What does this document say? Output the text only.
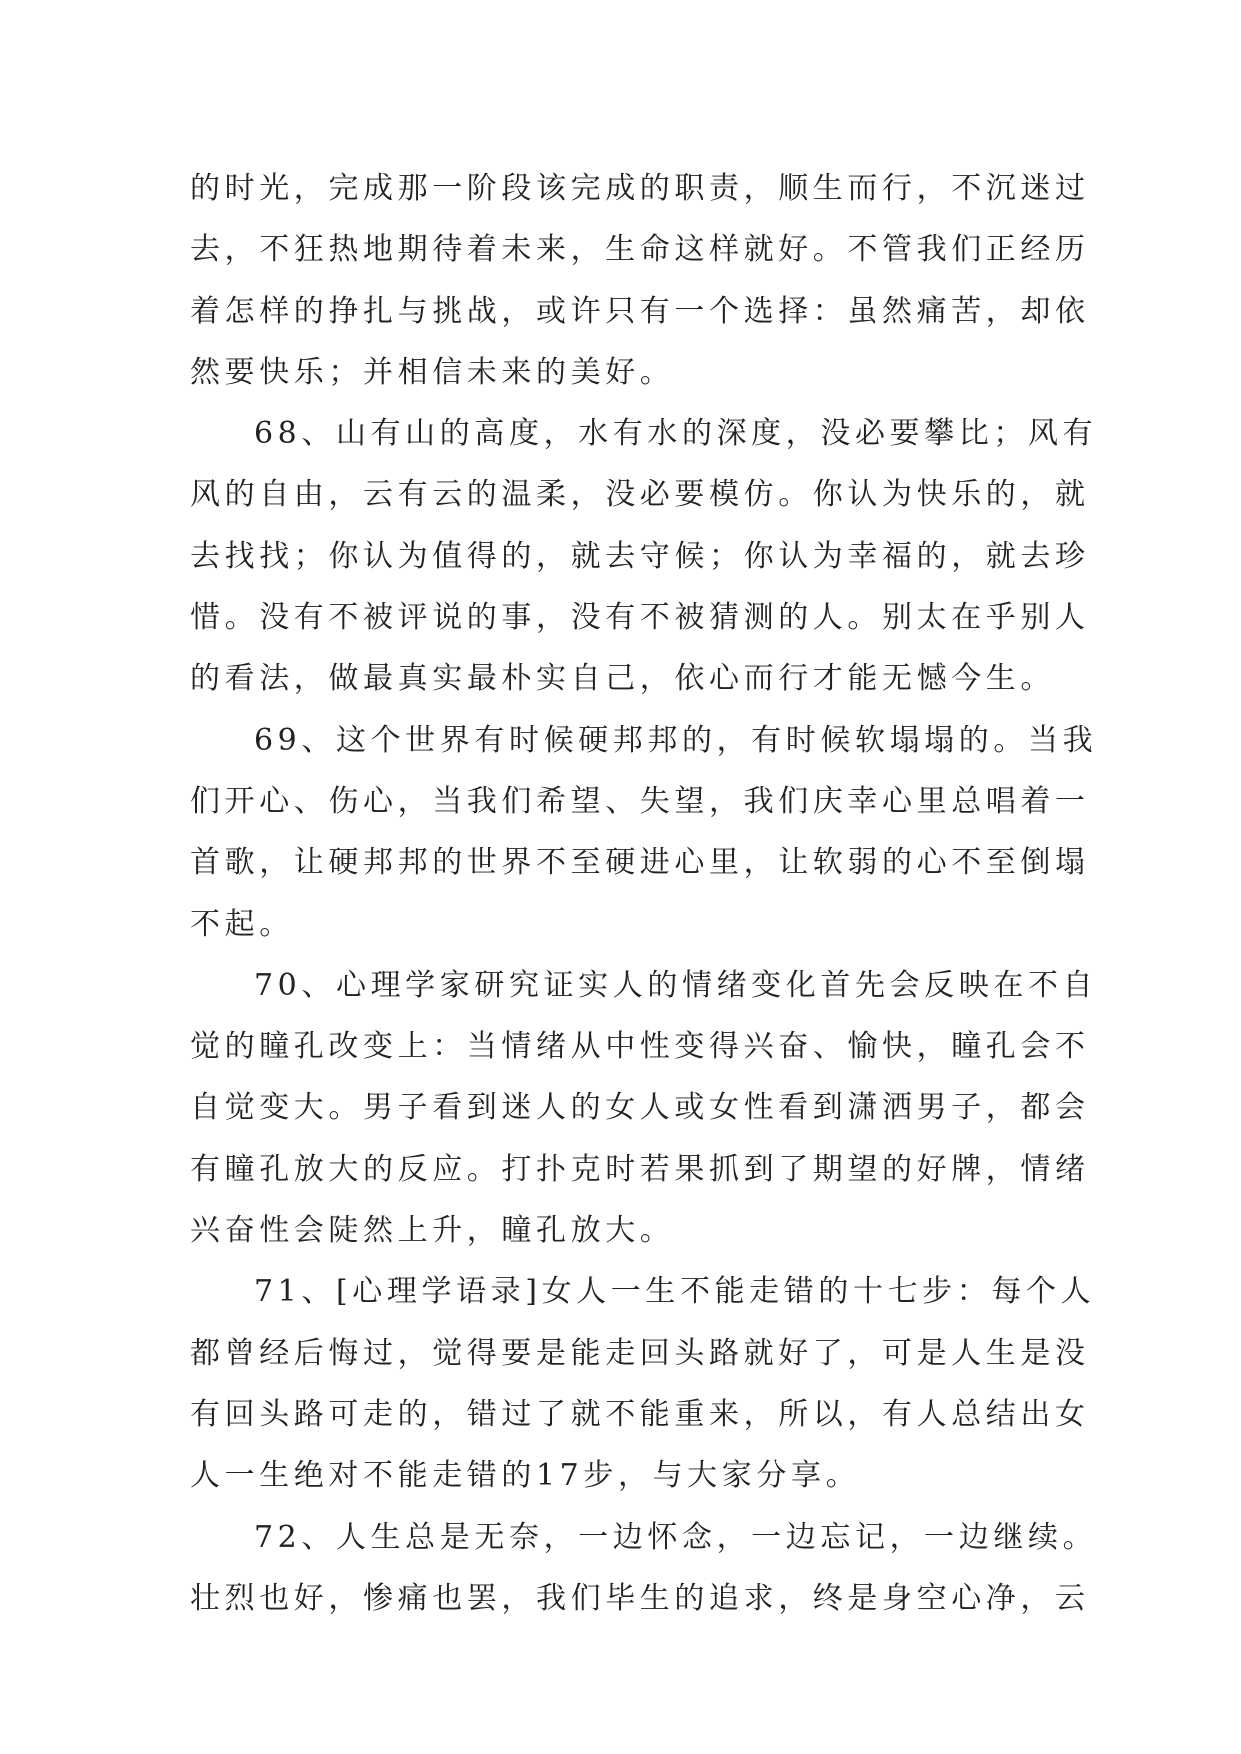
的时光，完成那一阶段该完成的职责，顺生而行，不沉迷过
去，不狂热地期待着未来，生命这样就好。不管我们正经历
着怎样的挣扎与挑战，或许只有一个选择：虽然痛苦，却依
然要快乐；并相信未来的美好。
68、山有山的高度，水有水的深度，没必要攀比；风有
风的自由，云有云的温柔，没必要模仿。你认为快乐的，就
去找找；你认为值得的，就去守候；你认为幸福的，就去珍
惜。没有不被评说的事，没有不被猜测的人。别太在乎别人
的看法，做最真实最朴实自己，依心而行才能无憾今生。
69、这个世界有时候硬邦邦的，有时候软塌塌的。当我
们开心、伤心，当我们希望、失望，我们庆幸心里总唱着一
首歌，让硬邦邦的世界不至硬进心里，让软弱的心不至倒塌
不起。
70、心理学家研究证实人的情绪变化首先会反映在不自
觉的瞳孔改变上：当情绪从中性变得兴奋、愉快，瞳孔会不
自觉变大。男子看到迷人的女人或女性看到潇洒男子，都会
有瞳孔放大的反应。打扑克时若果抓到了期望的好牌，情绪
兴奋性会陡然上升，瞳孔放大。
71、[心理学语录]女人一生不能走错的十七步：每个人
都曾经后悔过，觉得要是能走回头路就好了，可是人生是没
有回头路可走的，错过了就不能重来，所以，有人总结出女
人一生绝对不能走错的17步，与大家分享。
72、人生总是无奈，一边怀念，一边忘记，一边继续。
壮烈也好，惨痛也罢，我们毕生的追求，终是身空心净，云
